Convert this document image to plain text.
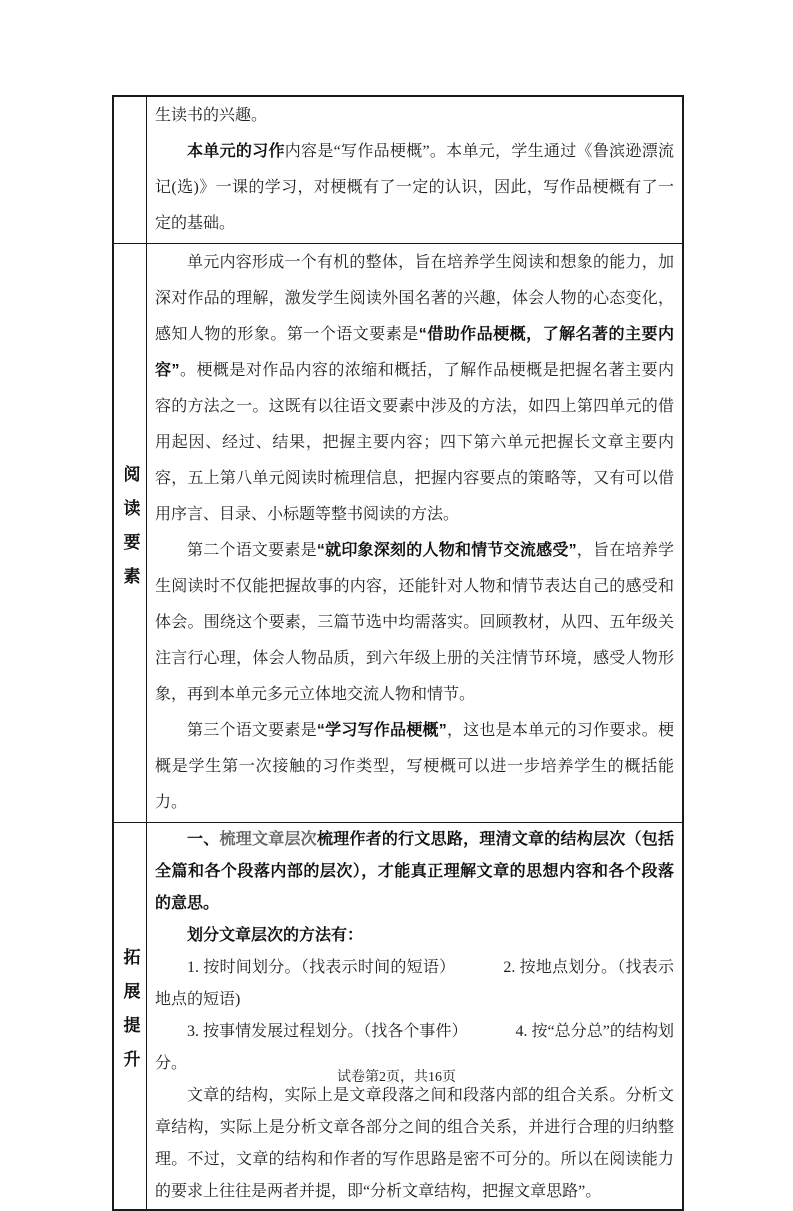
生读书的兴趣。

本单元的习作内容是“写作品梗概”。本单元，学生通过《鲁滨逊漂流记(选)》一课的学习，对梗概有了一定的认识，因此，写作品梗概有了一定的基础。

阅读要素

单元内容形成一个有机的整体，旨在培养学生阅读和想象的能力，加深对作品的理解，激发学生阅读外国名著的兴趣，体会人物的心态变化，感知人物的形象。第一个语文要素是“借助作品梗概，了解名著的主要内容”。梗概是对作品内容的浓缩和概括，了解作品梗概是把握名著主要内容的方法之一。这既有以往语文要素中涉及的方法，如四上第四单元的借用起因、经过、结果，把握主要内容；四下第六单元把握长文章主要内容，五上第八单元阅读时梳理信息，把握内容要点的策略等，又有可以借用序言、目录、小标题等整书阅读的方法。

第二个语文要素是“就印象深刻的人物和情节交流感受”，旨在培养学生阅读时不仅能把握故事的内容，还能针对人物和情节表达自己的感受和体会。围绕这个要素，三篇节选中均需落实。回顾教材，从四、五年级关注言行心理，体会人物品质，到六年级上册的关注情节环境，感受人物形象，再到本单元多元立体地交流人物和情节。

第三个语文要素是“学习写作品梗概”，这也是本单元的习作要求。梗概是学生第一次接触的习作类型，写梗概可以进一步培养学生的概括能力。

拓展提升

一、梳理文章层次梳理作者的行文思路，理清文章的结构层次（包括全篇和各个段落内部的层次），才能真正理解文章的思想内容和各个段落的意思。

划分文章层次的方法有：

1. 按时间划分。（找表示时间的短语）	2. 按地点划分。（找表示地点的短语)

3. 按事情发展过程划分。（找各个事件）	4. 按“总分总”的结构划分。

文章的结构，实际上是文章段落之间和段落内部的组合关系。分析文章结构，实际上是分析文章各部分之间的组合关系，并进行合理的归纳整理。不过，文章的结构和作者的写作思路是密不可分的。所以在阅读能力的要求上往往是两者并提，即“分析文章结构，把握文章思路”。

试卷第2页，共16页
